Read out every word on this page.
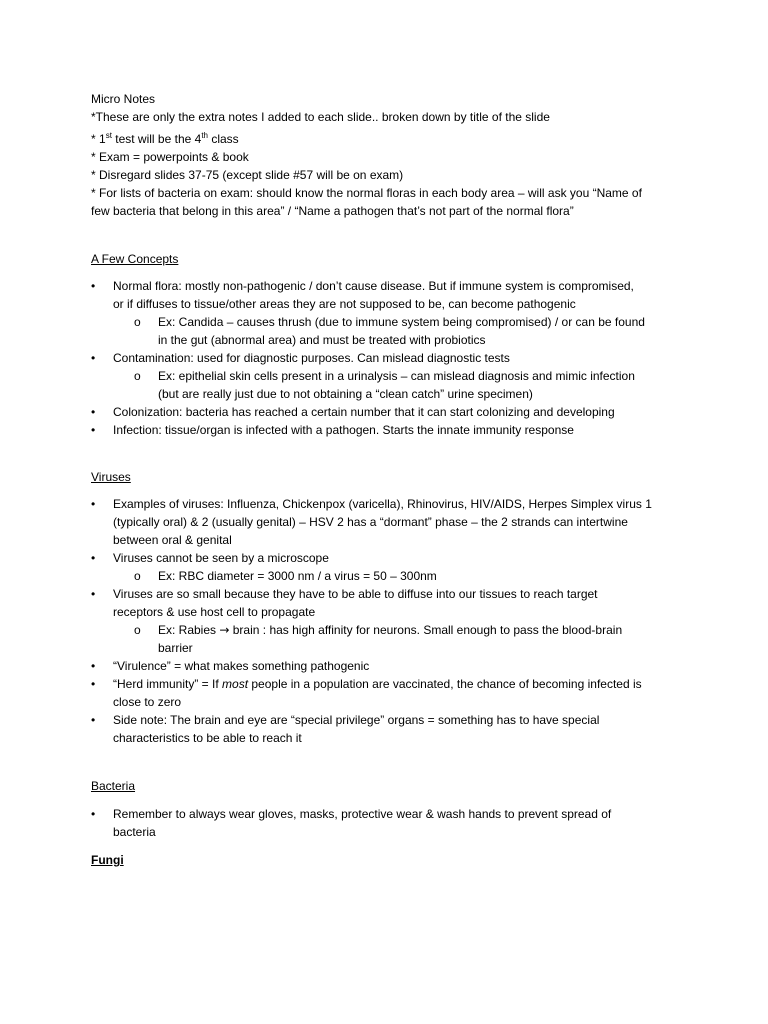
Micro Notes

*These are only the extra notes I added to each slide.. broken down by title of the slide

* 1st test will be the 4th class

* Exam = powerpoints & book

* Disregard slides 37-75 (except slide #57 will be on exam)

* For lists of bacteria on exam: should know the normal floras in each body area – will ask you “Name of

few bacteria that belong in this area” / “Name a pathogen that’s not part of the normal flora”

A Few Concepts

•	Normal flora: mostly non-pathogenic / don’t cause disease. But if immune system is compromised,
or if diffuses to tissue/other areas they are not supposed to be, can become pathogenic
o Ex: Candida – causes thrush (due to immune system being compromised) / or can be found
in the gut (abnormal area) and must be treated with probiotics
•	Contamination: used for diagnostic purposes. Can mislead diagnostic tests
o Ex: epithelial skin cells present in a urinalysis – can mislead diagnosis and mimic infection
(but are really just due to not obtaining a “clean catch” urine specimen)
•	Colonization: bacteria has reached a certain number that it can start colonizing and developing
•	Infection: tissue/organ is infected with a pathogen. Starts the innate immunity response

Viruses

•	Examples of viruses: Influenza, Chickenpox (varicella), Rhinovirus, HIV/AIDS, Herpes Simplex virus 1
(typically oral) & 2 (usually genital) – HSV 2 has a “dormant” phase – the 2 strands can intertwine
between oral & genital
•	Viruses cannot be seen by a microscope
o Ex: RBC diameter = 3000 nm / a virus = 50 – 300nm
•	Viruses are so small because they have to be able to diffuse into our tissues to reach target
receptors & use host cell to propagate
o Ex: Rabies → brain : has high affinity for neurons. Small enough to pass the blood-brain
barrier
•	“Virulence” = what makes something pathogenic
•	“Herd immunity” = If most people in a population are vaccinated, the chance of becoming infected is
close to zero
•	Side note: The brain and eye are “special privilege” organs = something has to have special
characteristics to be able to reach it

Bacteria

•	Remember to always wear gloves, masks, protective wear & wash hands to prevent spread of
bacteria

Fungi
